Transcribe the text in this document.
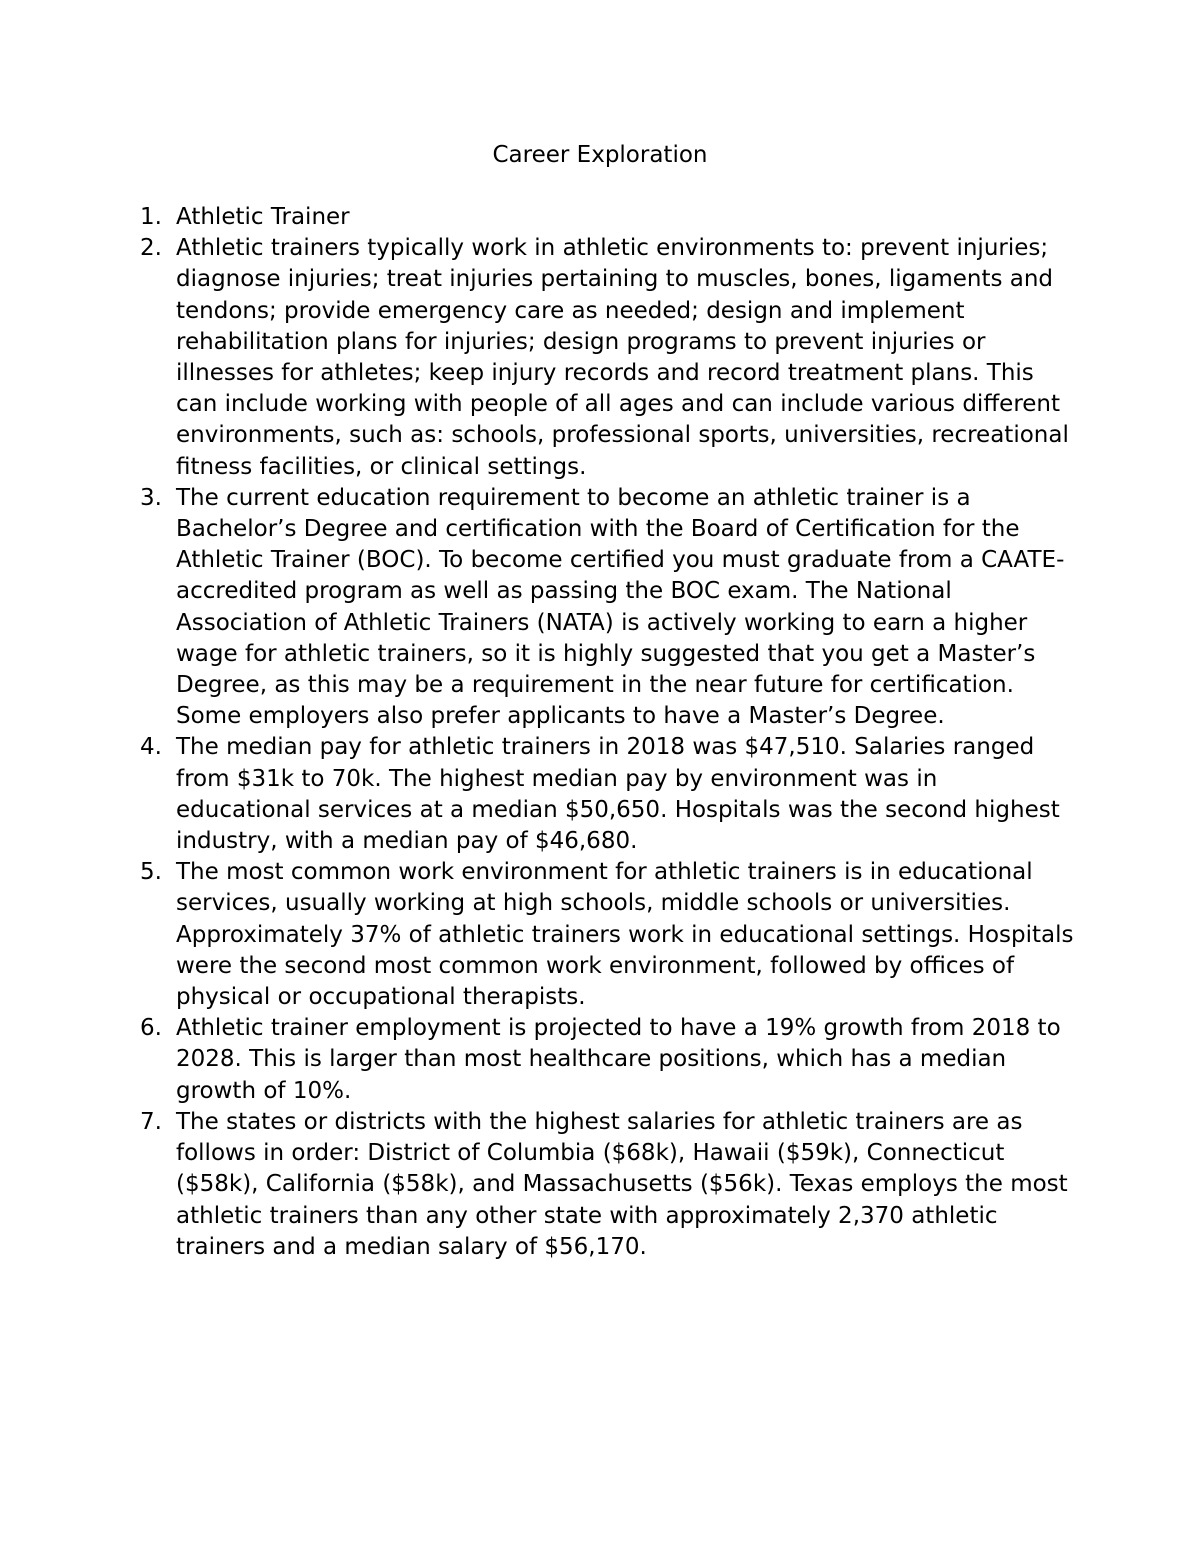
Career Exploration
1. Athletic Trainer
2. Athletic trainers typically work in athletic environments to: prevent injuries; diagnose injuries; treat injuries pertaining to muscles, bones, ligaments and tendons; provide emergency care as needed; design and implement rehabilitation plans for injuries; design programs to prevent injuries or illnesses for athletes; keep injury records and record treatment plans. This can include working with people of all ages and can include various different environments, such as: schools, professional sports, universities, recreational fitness facilities, or clinical settings.
3. The current education requirement to become an athletic trainer is a Bachelor’s Degree and certification with the Board of Certification for the Athletic Trainer (BOC). To become certified you must graduate from a CAATE-accredited program as well as passing the BOC exam. The National Association of Athletic Trainers (NATA) is actively working to earn a higher wage for athletic trainers, so it is highly suggested that you get a Master’s Degree, as this may be a requirement in the near future for certification. Some employers also prefer applicants to have a Master’s Degree.
4. The median pay for athletic trainers in 2018 was $47,510. Salaries ranged from $31k to 70k. The highest median pay by environment was in educational services at a median $50,650. Hospitals was the second highest industry, with a median pay of $46,680.
5. The most common work environment for athletic trainers is in educational services, usually working at high schools, middle schools or universities. Approximately 37% of athletic trainers work in educational settings. Hospitals were the second most common work environment, followed by offices of physical or occupational therapists.
6. Athletic trainer employment is projected to have a 19% growth from 2018 to 2028. This is larger than most healthcare positions, which has a median growth of 10%.
7. The states or districts with the highest salaries for athletic trainers are as follows in order: District of Columbia ($68k), Hawaii ($59k), Connecticut ($58k), California ($58k), and Massachusetts ($56k). Texas employs the most athletic trainers than any other state with approximately 2,370 athletic trainers and a median salary of $56,170.
